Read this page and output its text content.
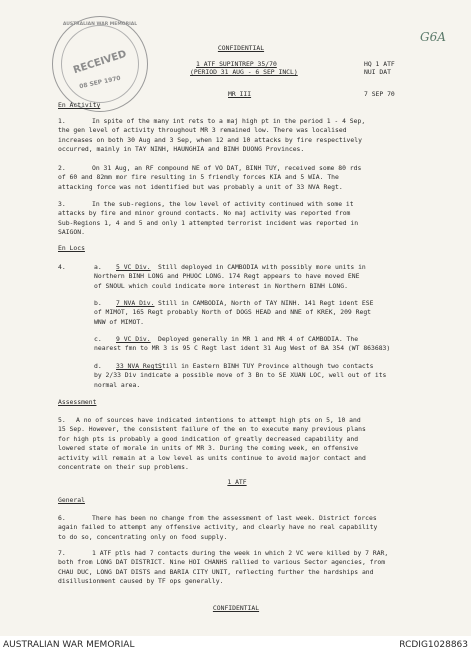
AUSTRALIAN WAR MEMORIAL
RECEIVED
08 SEP 1970
G6A
CONFIDENTIAL
1 ATF SUPINTREP 35/70
(PERIOD 31 AUG - 6 SEP INCL)
MR III
HQ 1 ATF
NUI DAT
7 SEP 70
En Activity
1.	In spite of the many int rets to a maj high pt in the period 1 - 4 Sep,
the gen level of activity throughout MR 3 remained low. There was localised
increases on both 30 Aug and 3 Sep, when 12 and 10 attacks by fire respectively
occurred, mainly in TAY NINH, HAUNGHIA and BINH DUONG Provinces.
2.	On 31 Aug, an RF compound NE of VO DAT, BINH TUY, received some 80 rds
of 60 and 82mm mor fire resulting in 5 friendly forces KIA and 5 WIA. The
attacking force was not identified but was probably a unit of 33 NVA Regt.
3.	In the sub-regions, the low level of activity continued with some it
attacks by fire and minor ground contacts. No maj activity was reported from
Sub-Regions 1, 4 and 5 and only 1 attempted terrorist incident was reported in
SAIGON.
En Locs
4.	a. 5 VC Div.	Still deployed in CAMBODIA with possibly more units in
Northern BINH LONG and PHUOC LONG. 174 Regt appears to have moved ENE
of SNOUL which could indicate more interest in Northern BINH LONG.
b. 7 NVA Div. Still in CAMBODIA, North of TAY NINH. 141 Regt ident ESE
of MIMOT, 165 Regt probably North of DOGS HEAD and NNE of KREK, 209 Regt
WNW of MIMOT.
c. 9 VC Div.	Deployed generally in MR 1 and MR 4 of CAMBODIA. The
nearest fmn to MR 3 is 95 C Regt last ident 31 Aug West of BA 354 (WT 863683)
d. 33 NVA Regt.
Still in Eastern BINH TUY Province although two contacts
by 2/33 Div indicate a possible move of 3 Bn to SE XUAN LOC, well out of its
normal area.
Assessment
5.	A no of sources have indicated intentions to attempt high pts on 5, 10 and
15 Sep. However, the consistent failure of the en to execute many previous plans
for high pts is probably a good indication of greatly decreased capability and
lowered state of morale in units of MR 3. During the coming week, en offensive
activity will remain at a low level as units continue to avoid major contact and
concentrate on their sup problems.
1 ATF
General
6.	There has been no change from the assessment of last week. District forces
again failed to attempt any offensive activity, and clearly have no real capability
to do so, concentrating only on food supply.
7.	1 ATF ptls had 7 contacts during the week in which 2 VC were killed by 7 RAR,
both from LONG DAT DISTRICT. Nine HOI CHANHS rallied to various Sector agencies, from
CHAU DUC, LONG DAT DISTS and BARIA CITY UNIT, reflecting further the hardships and
disillusionment caused by TF ops generally.
CONFIDENTIAL
AUSTRALIAN WAR MEMORIAL	RCDIG1028863
